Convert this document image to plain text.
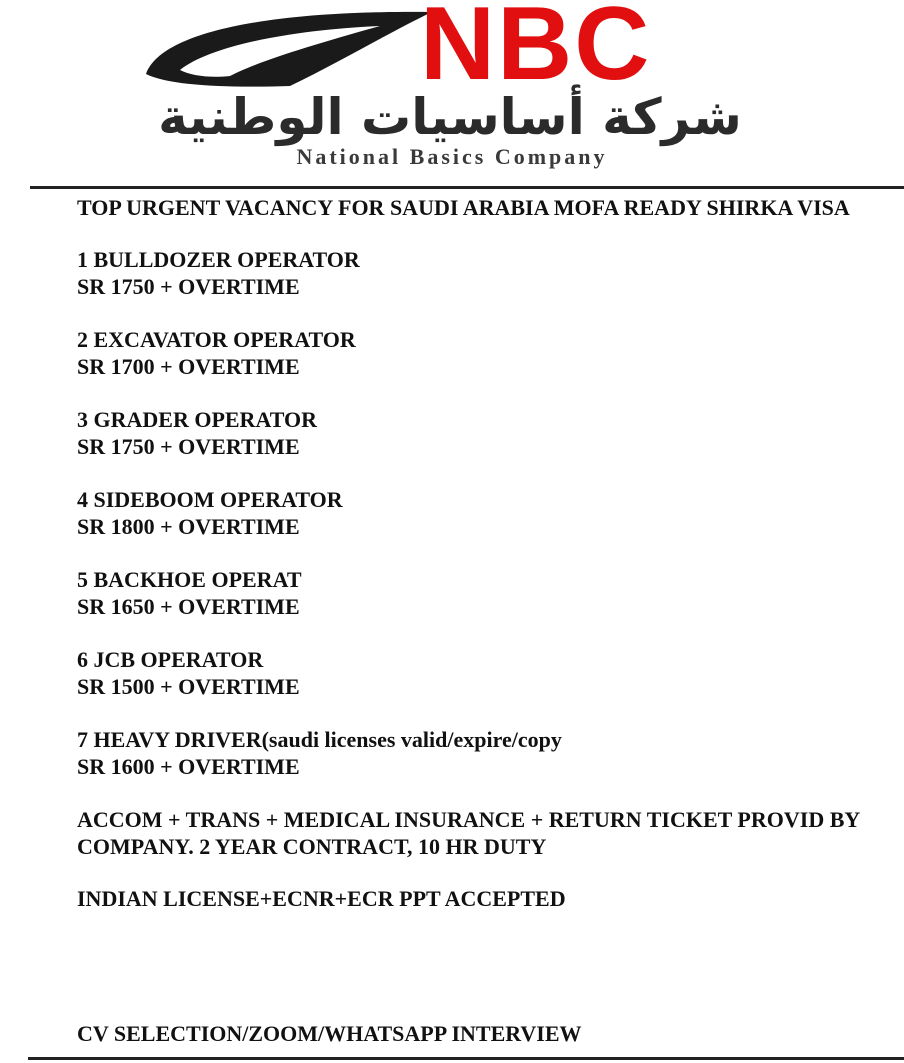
NBC
شركة أساسيات الوطنية
National Basics Company

TOP URGENT VACANCY FOR SAUDI ARABIA MOFA READY SHIRKA VISA

1 BULLDOZER OPERATOR
SR 1750 + OVERTIME
2 EXCAVATOR OPERATOR
SR 1700 + OVERTIME
3 GRADER OPERATOR
SR 1750 + OVERTIME
4 SIDEBOOM OPERATOR
SR 1800 + OVERTIME
5 BACKHOE OPERAT
SR 1650 + OVERTIME
6 JCB OPERATOR
SR 1500 + OVERTIME
7 HEAVY DRIVER(saudi licenses valid/expire/copy
SR 1600 + OVERTIME

ACCOM + TRANS + MEDICAL INSURANCE + RETURN TICKET PROVID BY COMPANY. 2 YEAR CONTRACT, 10 HR DUTY

INDIAN LICENSE+ECNR+ECR PPT ACCEPTED

CV SELECTION/ZOOM/WHATSAPP INTERVIEW
